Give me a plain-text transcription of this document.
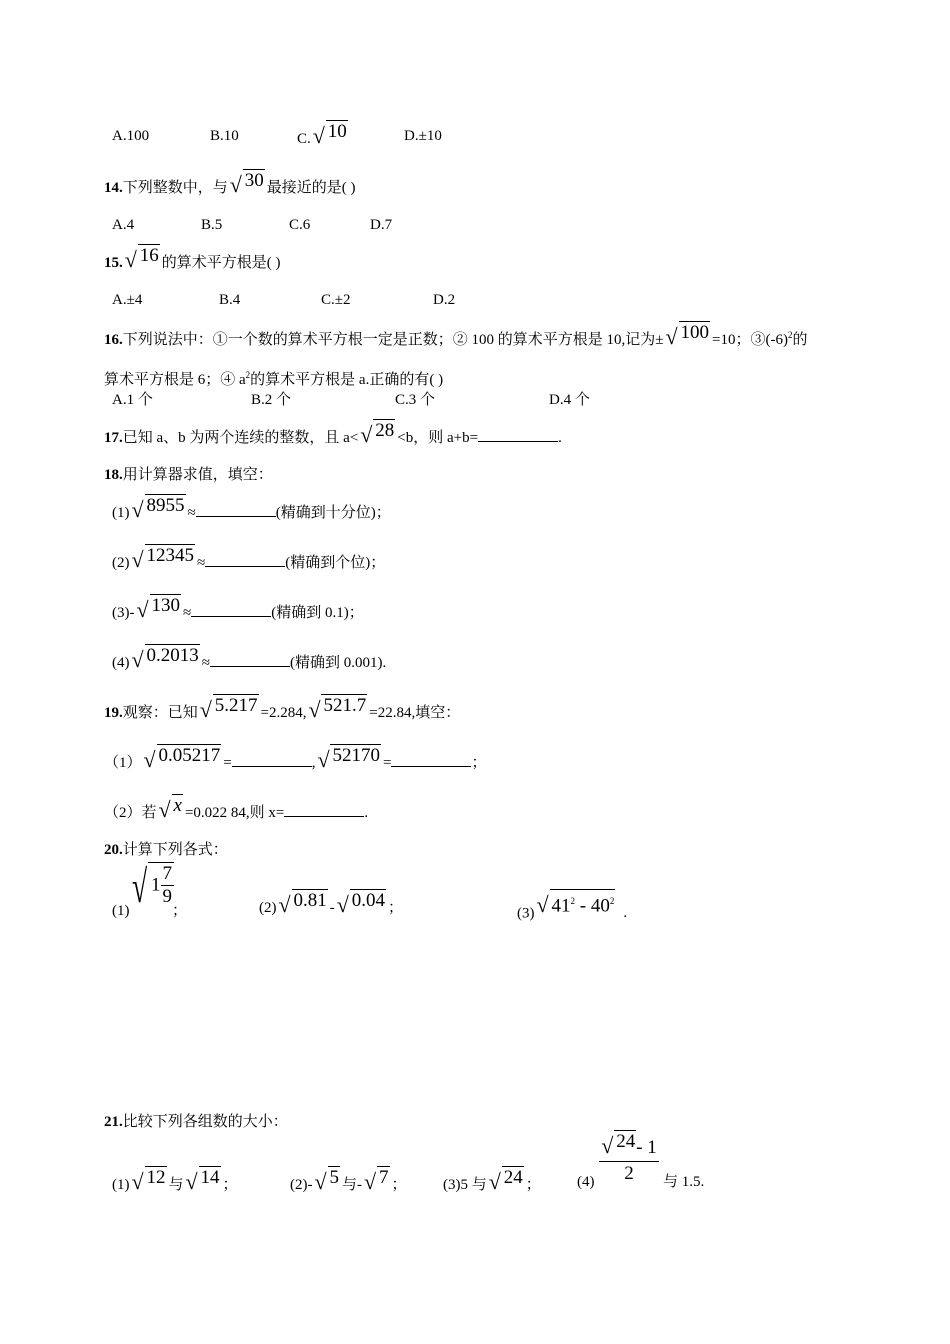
A.100	B.10	C. √ 10	D.±10
14.下列整数中，与 √ 30 最接近的是( )
A.4	B.5	C.6	D.7
15. √ 16 的算术平方根是( )
A.±4	B.4	C.±2	D.2
16.下列说法中：①一个数的算术平方根一定是正数；② 100 的算术平方根是 10,记为± √ 100 =10；$③(-6)^2$的
算术平方根是 6；④ $a^2$的算术平方根是 a.正确的有( )
A.1 个	B.2 个	C.3 个	D.4 个
17.已知 a、b 为两个连续的整数，且 a< √ 28 <b，则 a+b=	.
18.用计算器求值，填空：
(1) √ 8955 ≈	(精确到十分位)；
(2) √ 12345 ≈	(精确到个位)；
(3)- √ 130 ≈	(精确到 0.1)；
(4) √ 0.2013 ≈	(精确到 0.001).
19.观察：已知 √ 5.217 =2.284, √ 521.7 =22.84,填空：
（1） √ 0.05217 =	, √ 52170 =	；
（2）若 √ x =0.022 84,则 x=	.
20.计算下列各式：
(1) √ $1 \frac{7}{9}$
；	(2) √ 0.81 - √ 0.04 ；	(3) √ $41^2 - 40^2$.
21.比较下列各组数的大小：
(1) √ 12 与 √ 14 ；	(2)- √ 5 与- √ 7 ； (3)5 与 √ 24 ； (4)
√ 24- 1
2	与 1.5.
